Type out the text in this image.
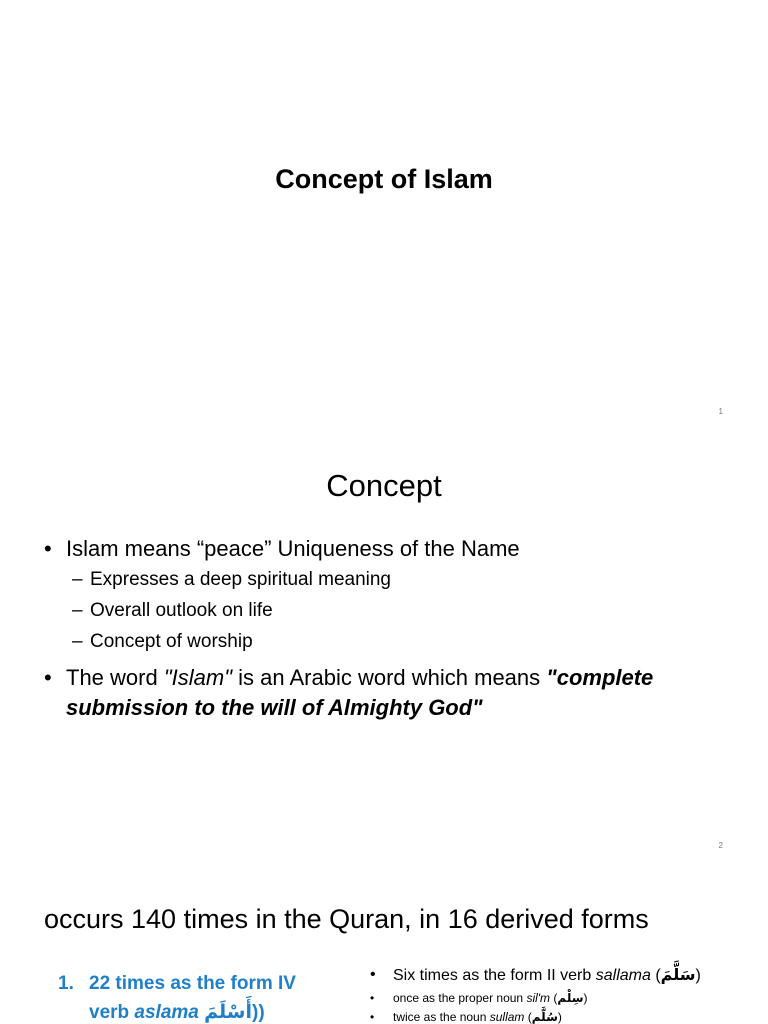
Concept of Islam
1
Concept
• Islam means “peace” Uniqueness of the Name
– Expresses a deep spiritual meaning
– Overall outlook on life
– Concept of worship
• The word "Islam" is an Arabic word which means "complete submission to the will of Almighty God"
2
occurs 140 times in the Quran, in 16 derived forms
1. 22 times as the form IV
verb aslama أَسْلَمَ))
• Six times as the form II verb sallama (سَلَّمَ)
• once as the proper noun sil'm (سِلْم)
• twice as the noun sullam (سُلَّم)
